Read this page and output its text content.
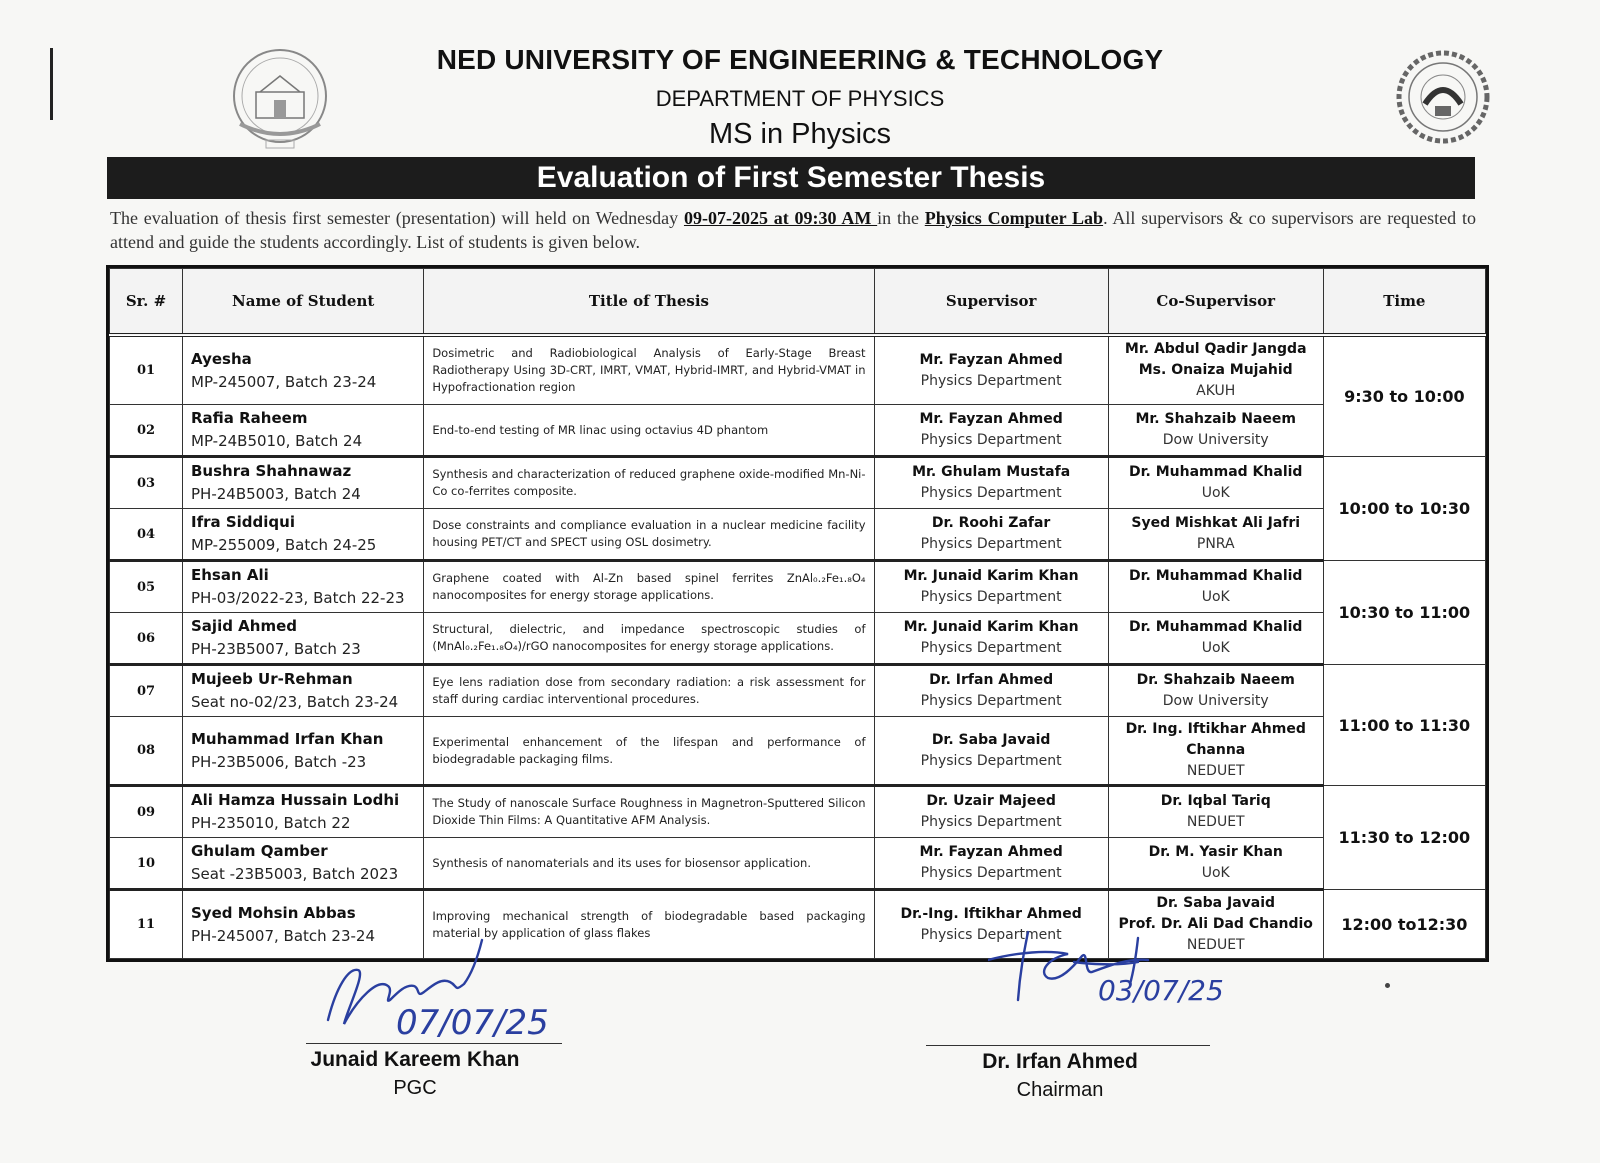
NED UNIVERSITY OF ENGINEERING & TECHNOLOGY
DEPARTMENT OF PHYSICS
MS in Physics
Evaluation of First Semester Thesis
The evaluation of thesis first semester (presentation) will held on Wednesday 09-07-2025 at 09:30 AM in the Physics Computer Lab. All supervisors & co supervisors are requested to attend and guide the students accordingly. List of students is given below.
Sr. #	Name of Student	Title of Thesis	Supervisor	Co-Supervisor	Time
01	Ayesha
MP-245007, Batch 23-24	Dosimetric and Radiobiological Analysis of Early-Stage Breast Radiotherapy Using 3D-CRT, IMRT, VMAT, Hybrid-IMRT, and Hybrid-VMAT in Hypofractionation region	Mr. Fayzan Ahmed
Physics Department	Mr. Abdul Qadir Jangda
Ms. Onaiza Mujahid
AKUH	9:30 to 10:00
02	Rafia Raheem
MP-24B5010, Batch 24	End-to-end testing of MR linac using octavius 4D phantom	Mr. Fayzan Ahmed
Physics Department	Mr. Shahzaib Naeem
Dow University	

03	Bushra Shahnawaz
PH-24B5003, Batch 24	Synthesis and characterization of reduced graphene oxide-modified Mn-Ni-Co co-ferrites composite.	Mr. Ghulam Mustafa
Physics Department	Dr. Muhammad Khalid
UoK	10:00 to 10:30
04	Ifra Siddiqui
MP-255009, Batch 24-25	Dose constraints and compliance evaluation in a nuclear medicine facility housing PET/CT and SPECT using OSL dosimetry.	Dr. Roohi Zafar
Physics Department	Syed Mishkat Ali Jafri
PNRA	

05	Ehsan Ali
PH-03/2022-23, Batch 22-23	Graphene coated with Al-Zn based spinel ferrites ZnAl₀.₂Fe₁.₈O₄ nanocomposites for energy storage applications.	Mr. Junaid Karim Khan
Physics Department	Dr. Muhammad Khalid
UoK	10:30 to 11:00
06	Sajid Ahmed
PH-23B5007, Batch 23	Structural, dielectric, and impedance spectroscopic studies of (MnAl₀.₂Fe₁.₈O₄)/rGO nanocomposites for energy storage applications.	Mr. Junaid Karim Khan
Physics Department	Dr. Muhammad Khalid
UoK	

07	Mujeeb Ur-Rehman
Seat no-02/23, Batch 23-24	Eye lens radiation dose from secondary radiation: a risk assessment for staff during cardiac interventional procedures.	Dr. Irfan Ahmed
Physics Department	Dr. Shahzaib Naeem
Dow University	11:00 to 11:30
08	Muhammad Irfan Khan
PH-23B5006, Batch -23	Experimental enhancement of the lifespan and performance of biodegradable packaging films.	Dr. Saba Javaid
Physics Department	Dr. Ing. Iftikhar Ahmed
Channa
NEDUET	

09	Ali Hamza Hussain Lodhi
PH-235010, Batch 22	The Study of nanoscale Surface Roughness in Magnetron-Sputtered Silicon Dioxide Thin Films: A Quantitative AFM Analysis.	Dr. Uzair Majeed
Physics Department	Dr. Iqbal Tariq
NEDUET	11:30 to 12:00
10	Ghulam Qamber
Seat -23B5003, Batch 2023	Synthesis of nanomaterials and its uses for biosensor application.	Mr. Fayzan Ahmed
Physics Department	Dr. M. Yasir Khan
UoK	

11	Syed Mohsin Abbas
PH-245007, Batch 23-24	Improving mechanical strength of biodegradable based packaging material by application of glass flakes	Dr.-Ing. Iftikhar Ahmed
Physics Department	Dr. Saba Javaid
Prof. Dr. Ali Dad Chandio
NEDUET	12:00 to12:30
07/07/25
Junaid Kareem Khan
PGC
03/07/25
Dr. Irfan Ahmed
Chairman
